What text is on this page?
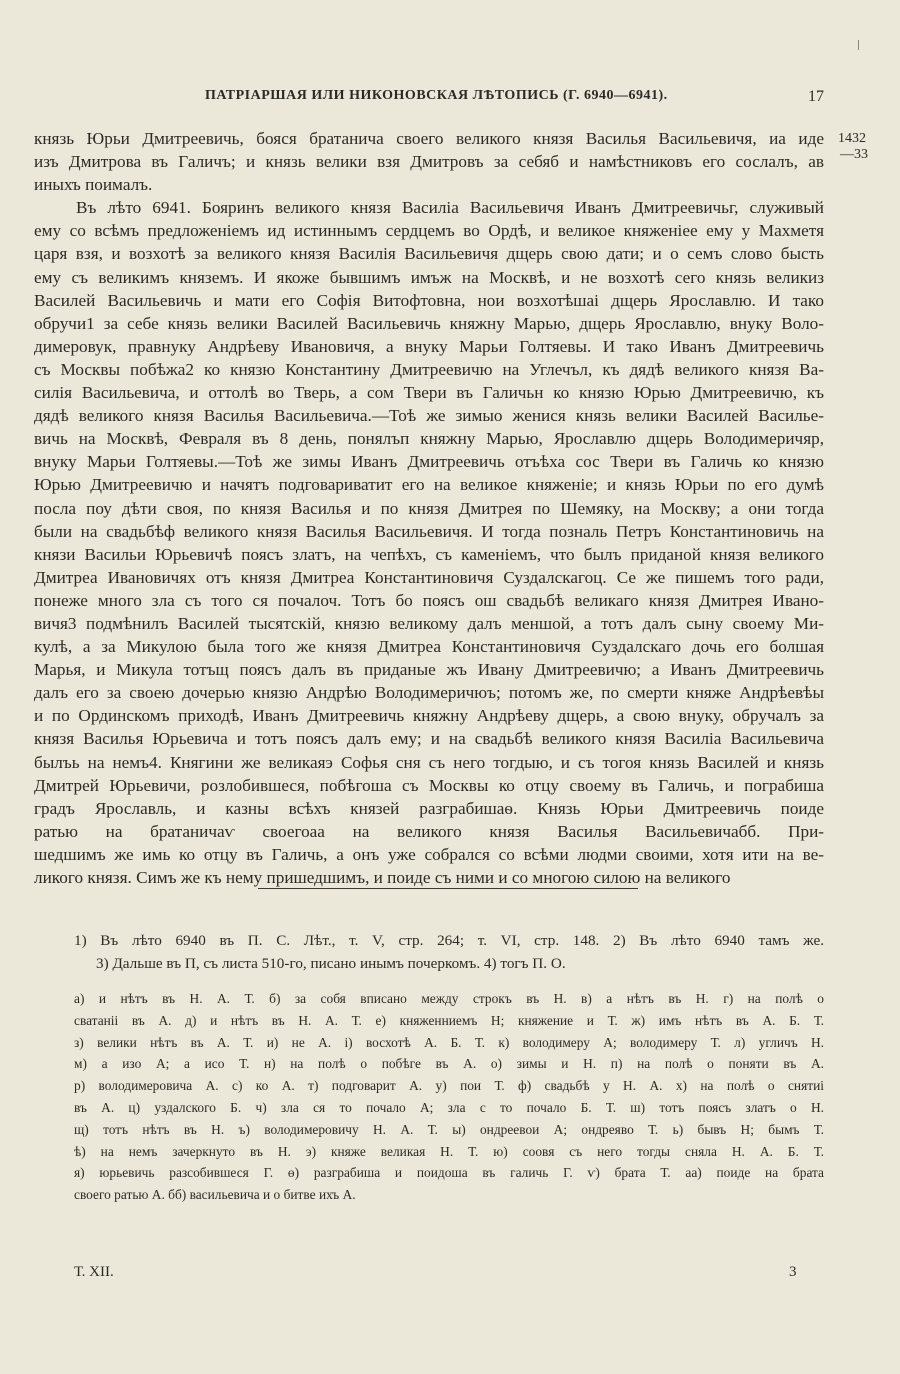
ПАТРІАРШАЯ ИЛИ НИКОНОВСКАЯ ЛѢТОПИСЬ (Г. 6940—6941).	17
1432
—33
князь Юрьи Дмитреевичь, бояся братанича своего великого князя Василья Васильевичя, иа иде
изъ Дмитрова въ Галичъ; и князь велики взя Дмитровъ за себяб и намѣстниковъ его сослалъ, ав
иныхъ поималъ.
Въ лѣто 6941. Бояринъ великого князя Василіа Васильевичя Иванъ Дмитреевичьг, служивый
ему со всѣмъ предложеніемъ ид истиннымъ сердцемъ во Ордѣ, и великое княженіее ему у Махметя
царя взя, и возхотѣ за великого князя Василія Васильевичя дщерь свою дати; и о семъ слово бысть
ему съ великимъ княземъ. И якоже бывшимъ имъж на Москвѣ, и не возхотѣ сего князь великиз
Василей Васильевичь и мати его Софія Витофтовна, нои возхотѣшаі дщерь Ярославлю. И тако
обручи1 за себе князь велики Василей Васильевичь княжну Марью, дщерь Ярославлю, внуку Воло-
димеровук, правнуку Андрѣеву Ивановичя, а внуку Марьи Голтяевы. И тако Иванъ Дмитреевичь
съ Москвы побѣжа2 ко князю Константину Дмитреевичю на Углечъл, къ дядѣ великого князя Ва-
силія Васильевича, и оттолѣ во Тверь, а сом Твери въ Галичьн ко князю Юрью Дмитреевичю, къ
дядѣ великого князя Василья Васильевича.—Тоѣ же зимыо женися князь велики Василей Василье-
вичь на Москвѣ, Февраля въ 8 день, понялъп княжну Марью, Ярославлю дщерь Володимеричяр,
внуку Марьи Голтяевы.—Тоѣ же зимы Иванъ Дмитреевичь отъѣха сос Твери въ Галичь ко князю
Юрью Дмитреевичю и начятъ подговариватит его на великое княженіе; и князь Юрьи по его думѣ
посла поу дѣти своя, по князя Василья и по князя Дмитрея по Шемяку, на Москву; а они тогда
были на свадьбѣф великого князя Василья Васильевичя. И тогда позналь Петръ Константиновичь на
князи Васильи Юрьевичѣ поясъ златъ, на чепѣхъ, съ каменіемъ, что былъ приданой князя великого
Дмитреа Ивановичях отъ князя Дмитреа Константиновичя Суздалскагоц. Се же пишемъ того ради,
понеже много зла съ того ся почалоч. Тотъ бо поясъ ош свадьбѣ великаго князя Дмитрея Ивано-
вичя3 подмѣнилъ Василей тысятскій, князю великому далъ меншой, а тотъ далъ сыну своему Ми-
кулѣ, а за Микулою была того же князя Дмитреа Константиновичя Суздалскаго дочь его болшая
Марья, и Микула тотъщ поясъ далъ въ приданые жъ Ивану Дмитреевичю; а Иванъ Дмитреевичь
далъ его за своею дочерью князю Андрѣю Володимеричюъ; потомъ же, по смерти княже Андрѣевѣы
и по Ординскомъ приходѣ, Иванъ Дмитреевичь княжну Андрѣеву дщерь, а свою внуку, обручалъ за
князя Василья Юрьевича и тотъ поясъ далъ ему; и на свадьбѣ великого князя Василіа Васильевича
былъь на немъ4. Княгини же великаяэ Софья сня съ него тогдыю, и съ тогоя князь Василей и князь
Дмитрей Юрьевичи, розлобившеся, побѣгоша съ Москвы ко отцу своему въ Галичь, и пограбиша
градъ Ярославль, и казны всѣхъ князей разграбишаѳ. Князь Юрьи Дмитреевичь поиде
ратью на братаничаѵ своегоаа на великого князя Василья Васильевичабб. При-
шедшимъ же имь ко отцу въ Галичь, а онъ уже собрался со всѣми людми своими, хотя ити на ве-
ликого князя. Симъ же къ нему пришедшимъ, и поиде съ ними и со многою силою на великого
1) Въ лѣто 6940 въ П. С. Лѣт., т. V, стр. 264; т. VI, стр. 148. 2) Въ лѣто 6940 тамъ же.
3) Дальше въ П, съ листа 510-го, писано инымъ почеркомъ. 4) тогъ П. О.
а) и нѣтъ въ Н. А. Т. б) за собя вписано между строкъ въ Н. в) а нѣтъ въ Н. г) на полѣ о
сватаніі въ А. д) и нѣтъ въ Н. А. Т. е) княженниемъ Н; княжение и Т. ж) имъ нѣтъ въ А. Б. Т.
з) велики нѣтъ въ А. Т. и) не А. і) восхотѣ А. Б. Т. к) володимеру А; володимеру Т. л) угличъ Н.
м) а изо А; а исо Т. н) на полѣ о побѣге въ А. о) зимы и Н. п) на полѣ о поняти въ А.
р) володимеровича А. с) ко А. т) подговарит А. у) пои Т. ф) свадьбѣ у Н. А. х) на полѣ о снятиі
въ А. ц) уздалского Б. ч) зла ся то почало А; зла с то почало Б. Т. ш) тотъ поясъ златъ о Н.
щ) тотъ нѣтъ въ Н. ъ) володимеровичу Н. А. Т. ы) ондреевои А; ондреяво Т. ь) бывъ Н; бымъ Т.
ѣ) на немъ зачеркнуто въ Н. э) княже великая Н. Т. ю) соовя съ него тогды сняла Н. А. Б. Т.
я) юрьевичь разсобившеся Г. ѳ) разграбиша и поидоша въ галичь Г. ѵ) брата Т. аа) поиде на брата
своего ратью А. бб) васильевича и о битве ихъ А.
Т. XII.	3
